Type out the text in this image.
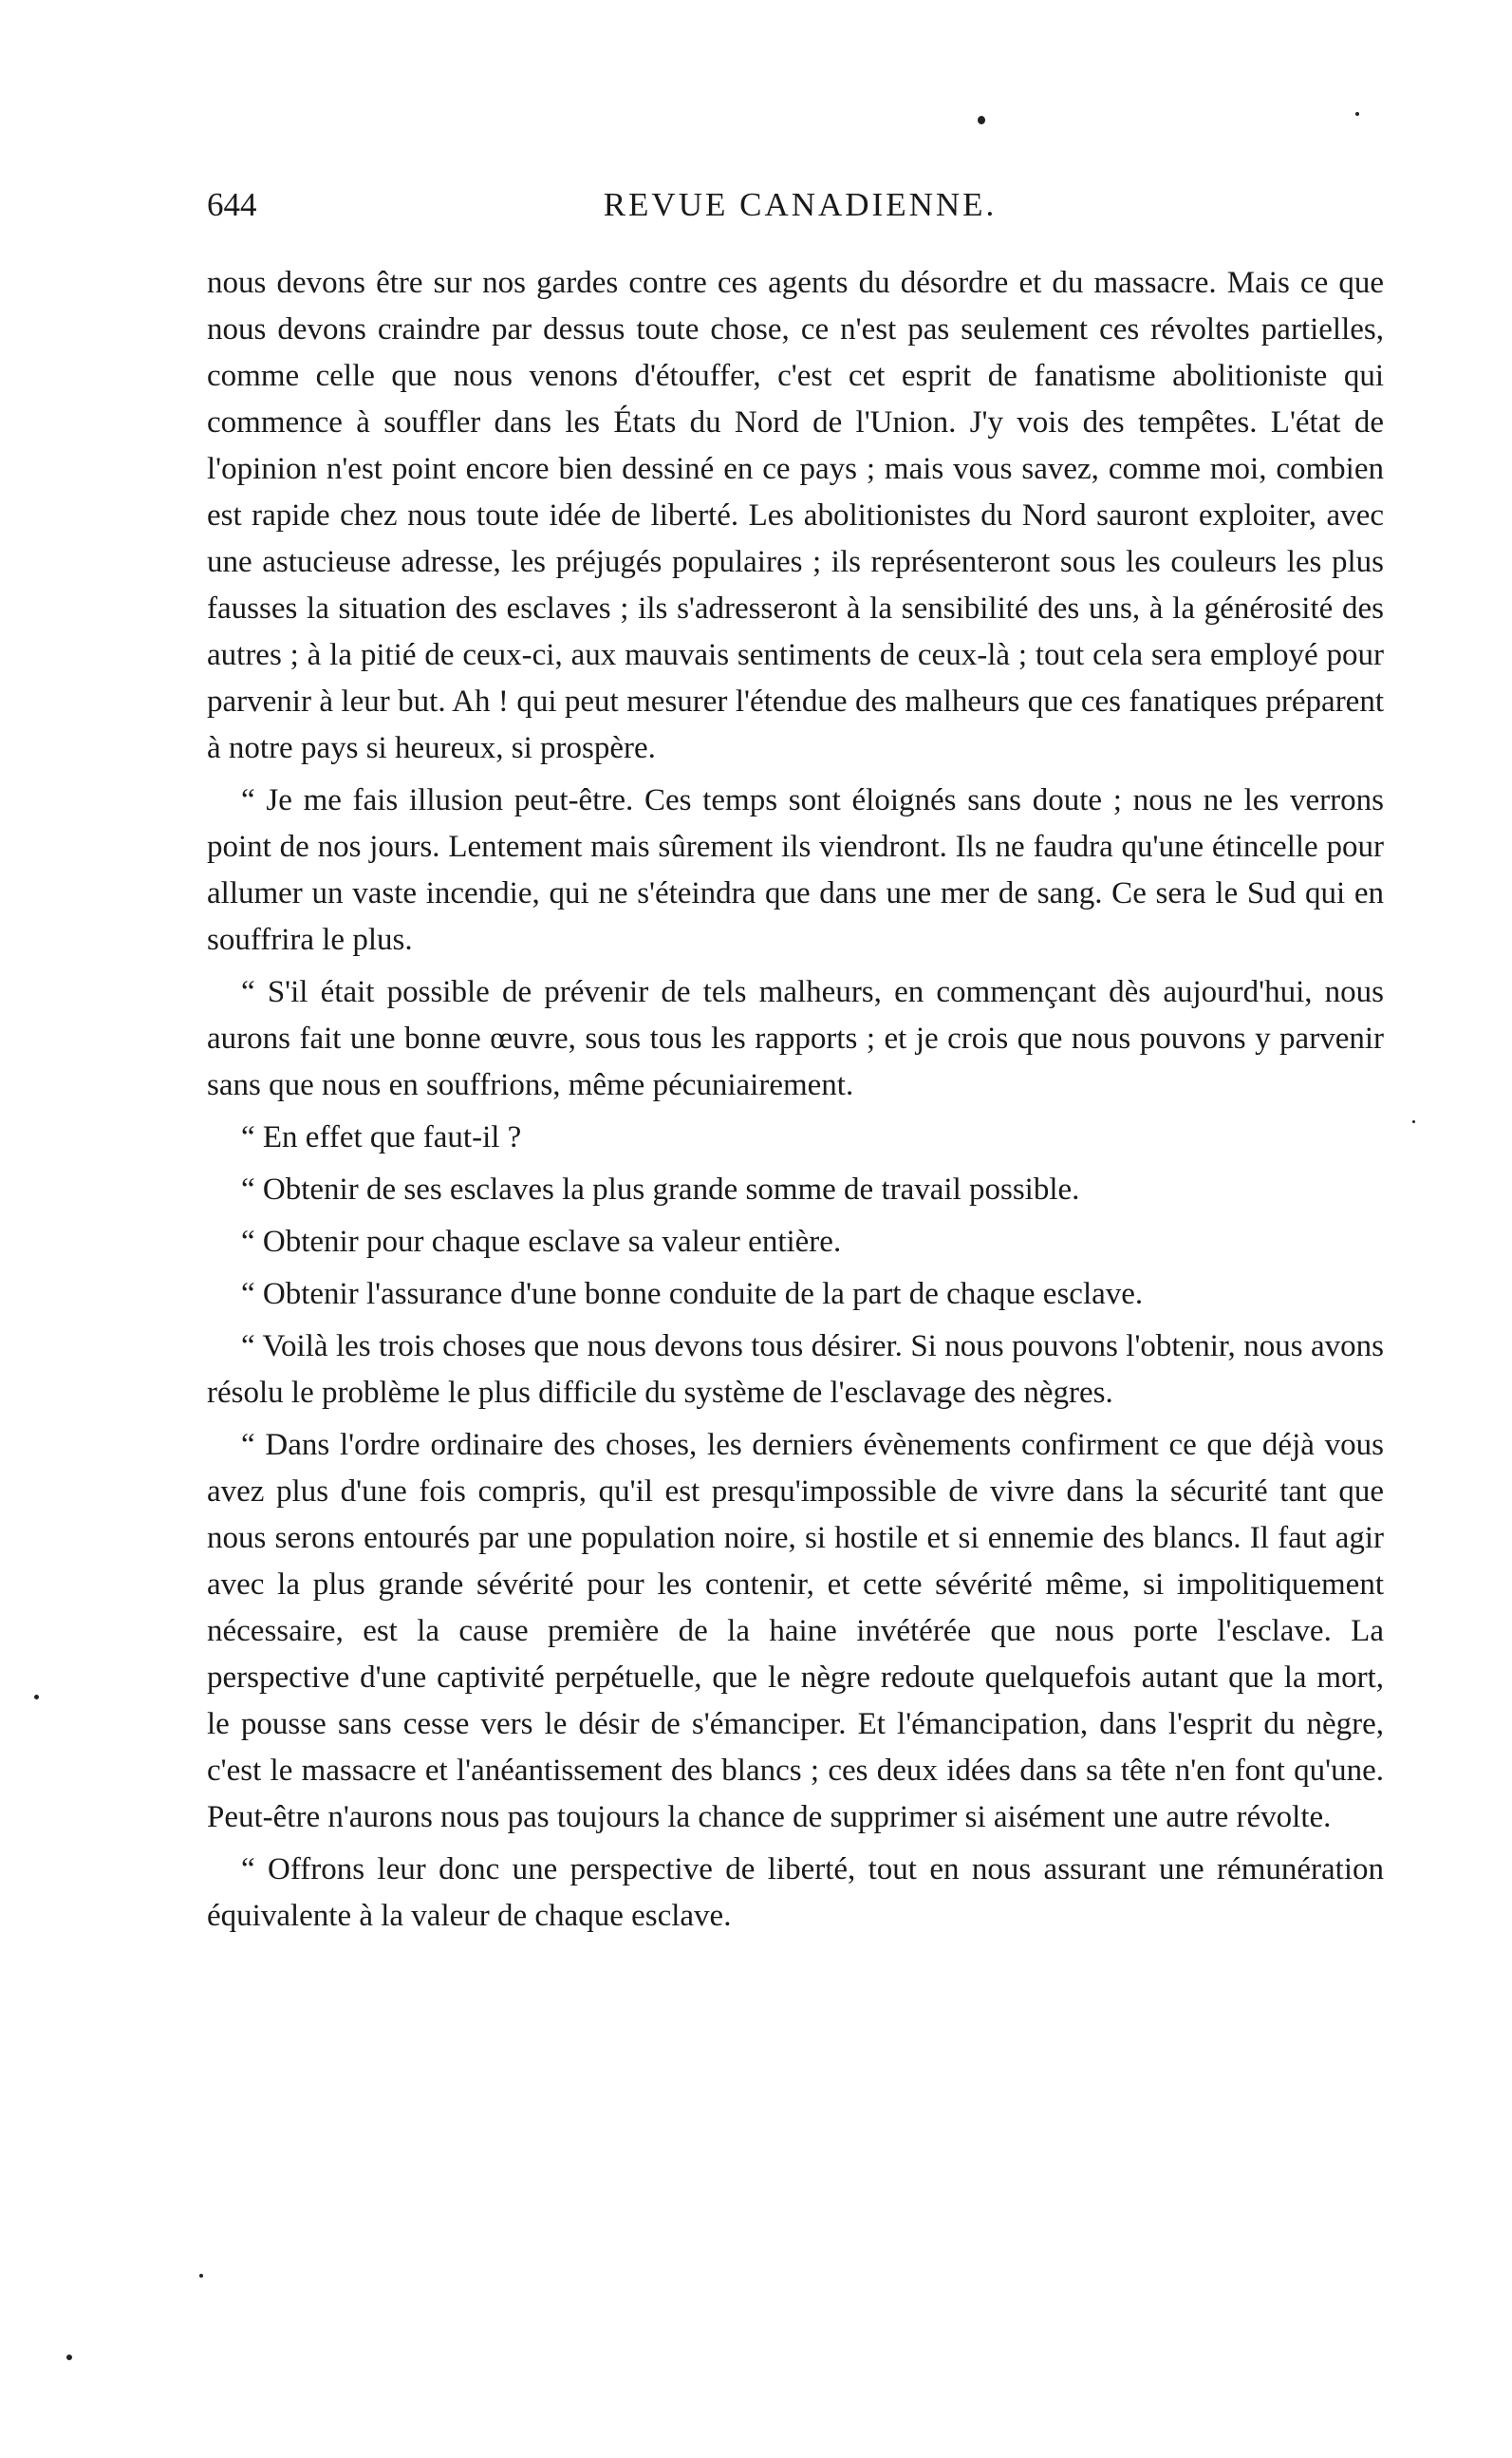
644	REVUE CANADIENNE.

nous devons être sur nos gardes contre ces agents du désordre et du massacre. Mais ce que nous devons craindre par dessus toute chose, ce n'est pas seulement ces révoltes partielles, comme celle que nous venons d'étouffer, c'est cet esprit de fanatisme abolitioniste qui commence à souffler dans les États du Nord de l'Union. J'y vois des tempêtes. L'état de l'opinion n'est point encore bien dessiné en ce pays ; mais vous savez, comme moi, combien est rapide chez nous toute idée de liberté. Les abolitionistes du Nord sauront exploiter, avec une astucieuse adresse, les préjugés populaires ; ils représenteront sous les couleurs les plus fausses la situation des esclaves ; ils s'adresseront à la sensibilité des uns, à la générosité des autres ; à la pitié de ceux-ci, aux mauvais sentiments de ceux-là ; tout cela sera employé pour parvenir à leur but. Ah ! qui peut mesurer l'étendue des malheurs que ces fanatiques préparent à notre pays si heureux, si prospère.

“ Je me fais illusion peut-être. Ces temps sont éloignés sans doute ; nous ne les verrons point de nos jours. Lentement mais sûrement ils viendront. Ils ne faudra qu'une étincelle pour allumer un vaste incendie, qui ne s'éteindra que dans une mer de sang. Ce sera le Sud qui en souffrira le plus.

“ S'il était possible de prévenir de tels malheurs, en commençant dès aujourd'hui, nous aurons fait une bonne œuvre, sous tous les rapports ; et je crois que nous pouvons y parvenir sans que nous en souffrions, même pécuniairement.

“ En effet que faut-il ?

“ Obtenir de ses esclaves la plus grande somme de travail possible.

“ Obtenir pour chaque esclave sa valeur entière.

“ Obtenir l'assurance d'une bonne conduite de la part de chaque esclave.

“ Voilà les trois choses que nous devons tous désirer. Si nous pouvons l'obtenir, nous avons résolu le problème le plus difficile du système de l'esclavage des nègres.

“ Dans l'ordre ordinaire des choses, les derniers évènements confirment ce que déjà vous avez plus d'une fois compris, qu'il est presqu'impossible de vivre dans la sécurité tant que nous serons entourés par une population noire, si hostile et si ennemie des blancs. Il faut agir avec la plus grande sévérité pour les contenir, et cette sévérité même, si impolitiquement nécessaire, est la cause première de la haine invétérée que nous porte l'esclave. La perspective d'une captivité perpétuelle, que le nègre redoute quelquefois autant que la mort, le pousse sans cesse vers le désir de s'émanciper. Et l'émancipation, dans l'esprit du nègre, c'est le massacre et l'anéantissement des blancs ; ces deux idées dans sa tête n'en font qu'une. Peut-être n'aurons nous pas toujours la chance de supprimer si aisément une autre révolte.

“ Offrons leur donc une perspective de liberté, tout en nous assurant une rémunération équivalente à la valeur de chaque esclave.
